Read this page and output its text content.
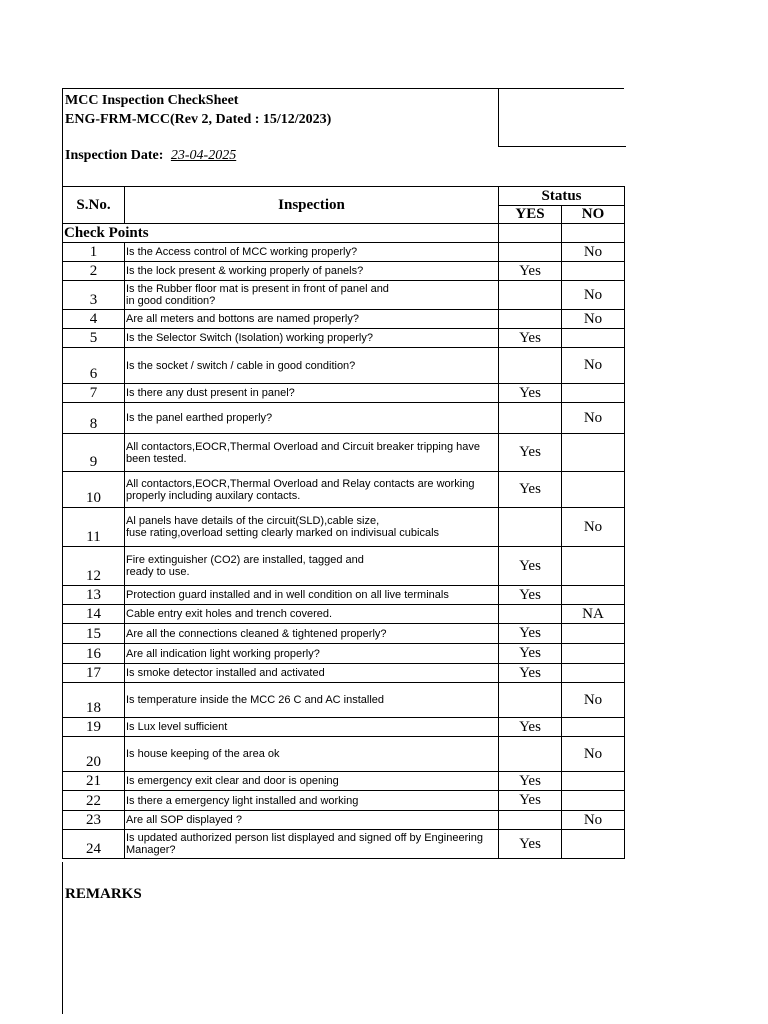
MCC Inspection CheckSheet
ENG-FRM-MCC(Rev 2, Dated : 15/12/2023)
Inspection Date: 23-04-2025
S.No.	Inspection	Status	
		YES	NO
Check Points			
1	Is the Access control of MCC working properly?		No
2	Is the lock present & working properly of panels?	Yes	
3	Is the Rubber floor mat is present in front of panel and
in good condition?		No
4	Are all meters and bottons are named properly?		No
5	Is the Selector Switch (Isolation) working properly?	Yes	
6	Is the socket / switch / cable in good condition?		No
7	Is there any dust present in panel?	Yes	
8	Is the panel earthed properly?		No
9	All contactors,EOCR,Thermal Overload and Circuit breaker tripping have
been tested.	Yes	
10	All contactors,EOCR,Thermal Overload and Relay contacts are working
properly including auxilary contacts.	Yes	
11	Al panels have details of the circuit(SLD),cable size,
fuse rating,overload setting clearly marked on indivisual cubicals		No
12	Fire extinguisher (CO2) are installed, tagged and
ready to use.	Yes	
13	Protection guard installed and in well condition on all live terminals	Yes	
14	Cable entry exit holes and trench covered.		NA
15	Are all the connections cleaned & tightened properly?	Yes	
16	Are all indication light working properly?	Yes	
17	Is smoke detector installed and activated	Yes	
18	Is temperature inside the MCC 26 C and AC installed		No
19	Is Lux level sufficient	Yes	
20	Is house keeping of the area ok		No
21	Is emergency exit clear and door is opening	Yes	
22	Is there a emergency light installed and working	Yes	
23	Are all SOP displayed ?		No
24	Is updated authorized person list displayed and signed off by Engineering
Manager?	Yes	
REMARKS
